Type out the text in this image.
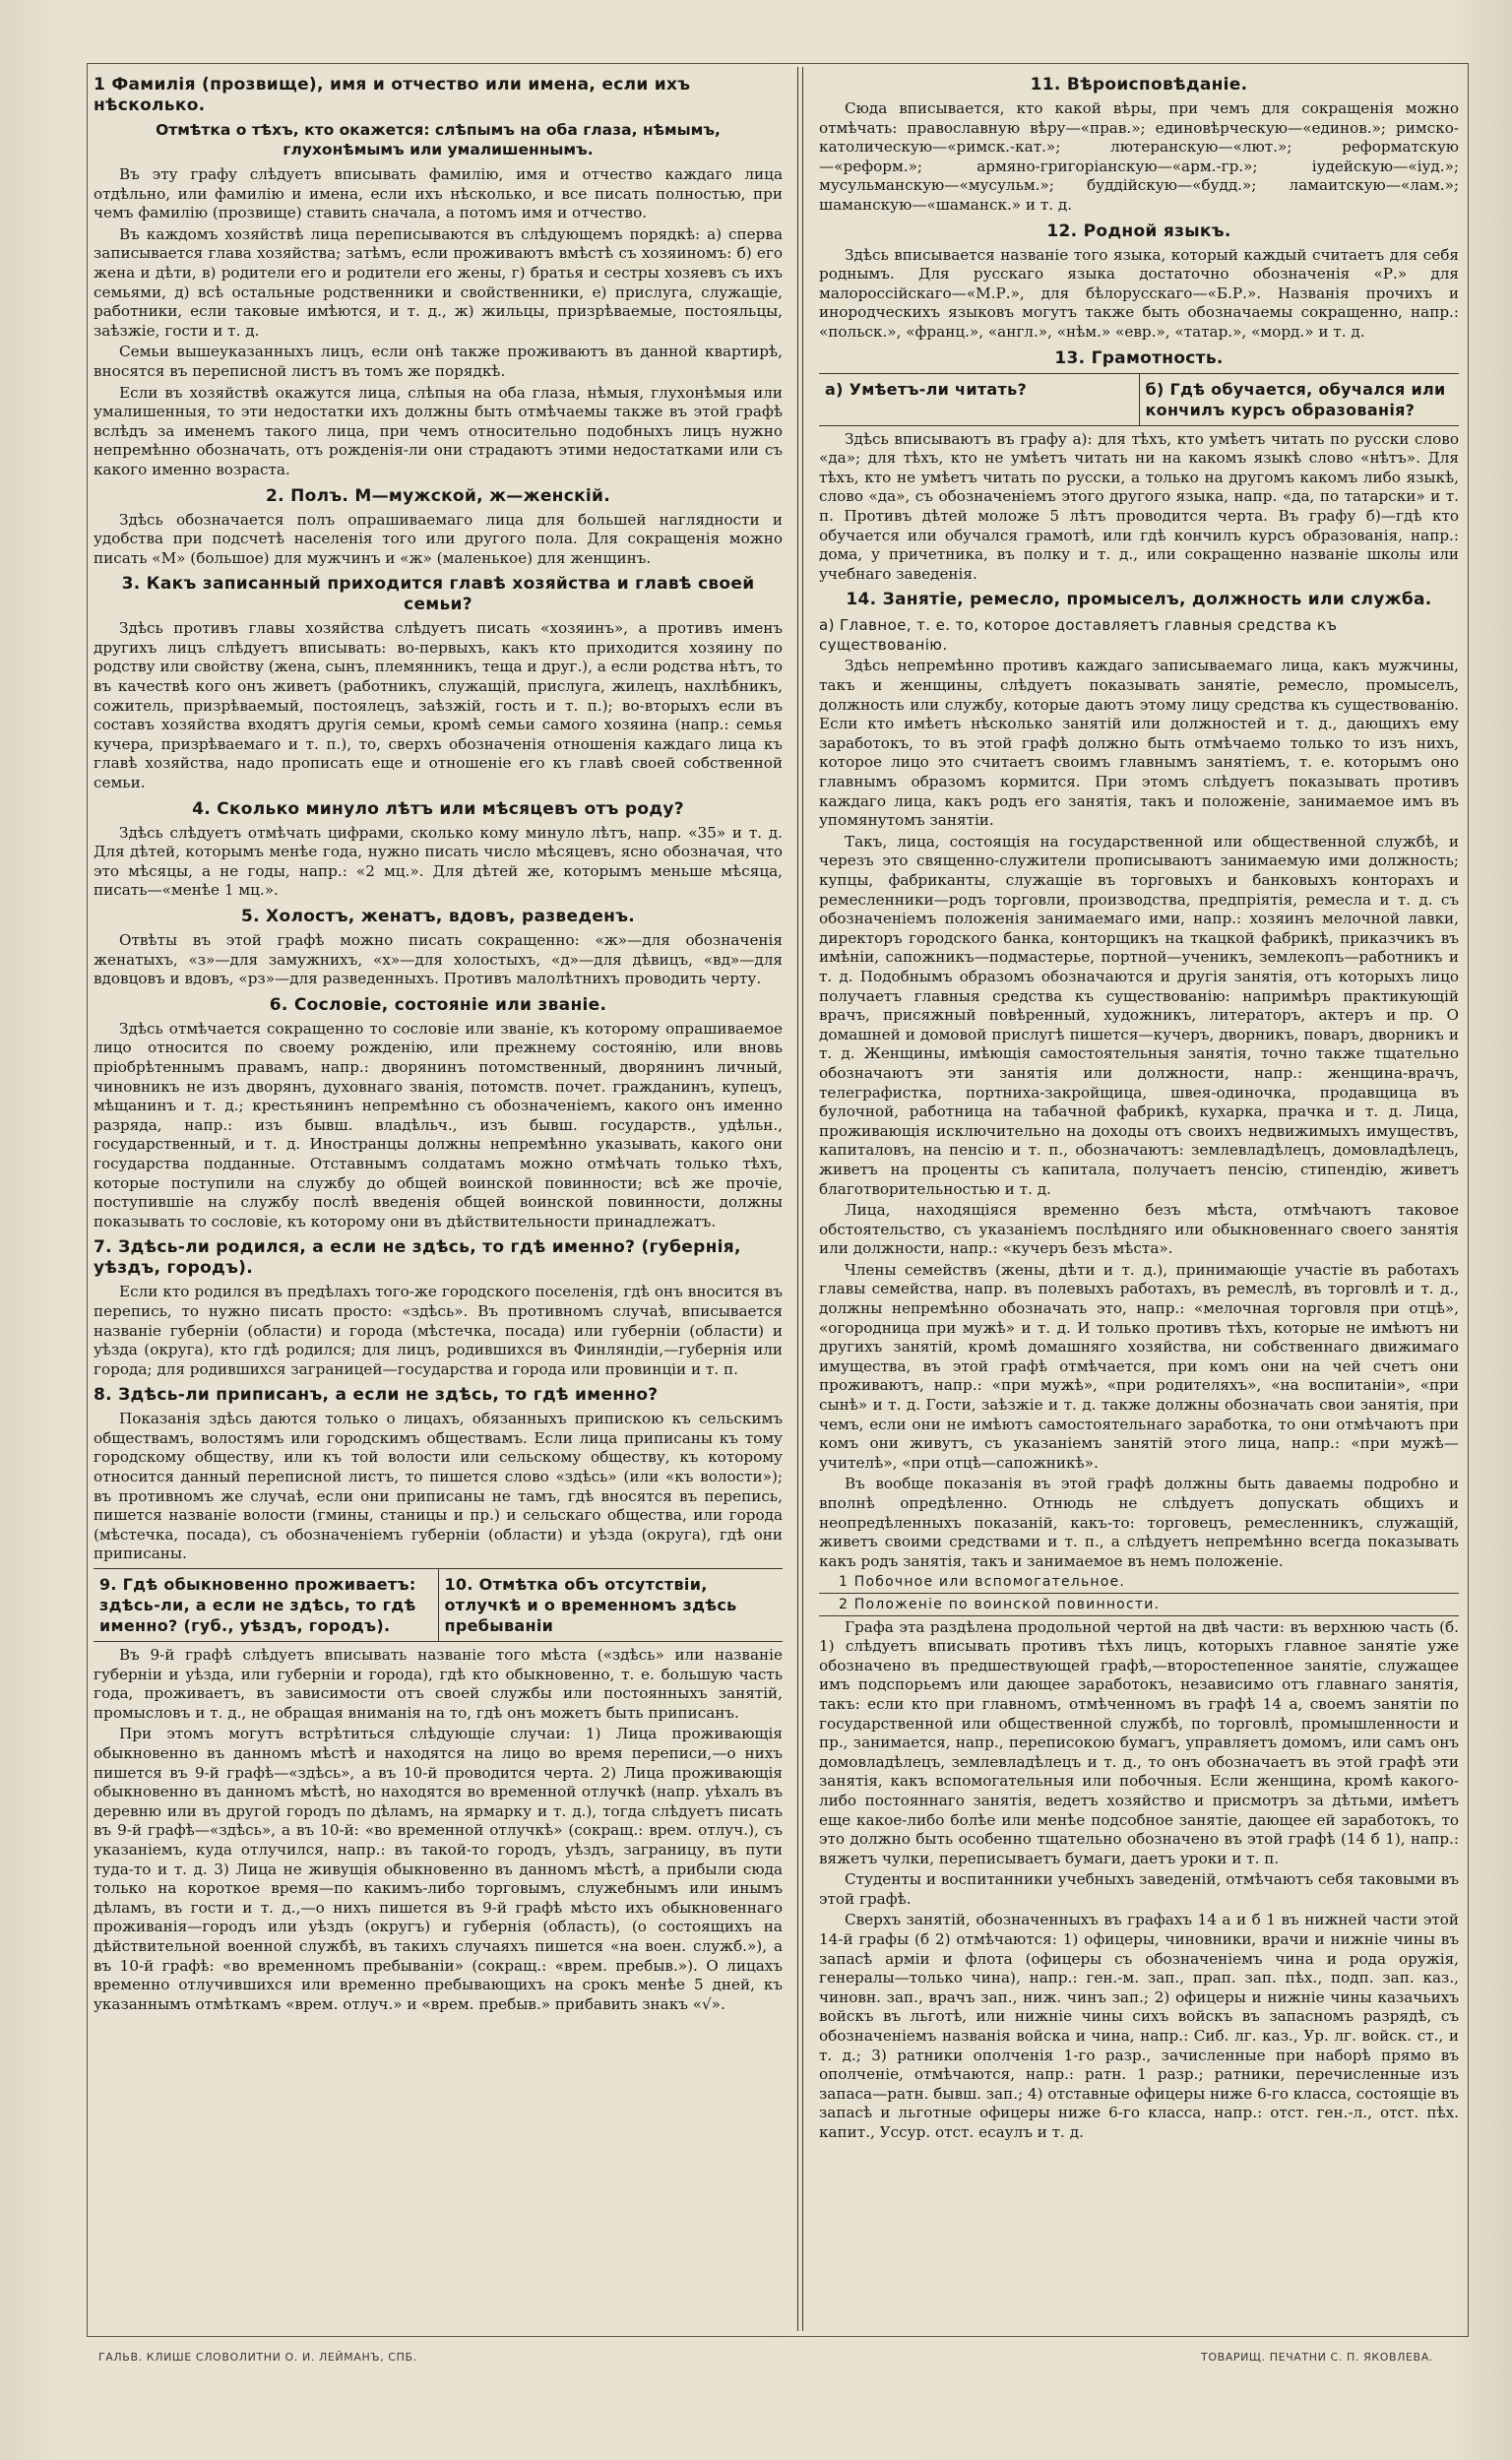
1 Фамилія (прозвище), имя и отчество или имена, если ихъ нѣсколько.
Отмѣтка о тѣхъ, кто окажется: слѣпымъ на оба глаза, нѣмымъ, глухонѣмымъ или умалишеннымъ.

Въ эту графу слѣдуетъ вписывать фамилію, имя и отчество каждаго лица отдѣльно, или фамилію и имена, если ихъ нѣсколько, и все писать полностью, при чемъ фамилію (прозвище) ставить сначала, а потомъ имя и отчество.

Въ каждомъ хозяйствѣ лица переписываются въ слѣдующемъ порядкѣ: а) сперва записывается глава хозяйства; затѣмъ, если проживаютъ вмѣстѣ съ хозяиномъ: б) его жена и дѣти, в) родители его и родители его жены, г) братья и сестры хозяевъ съ ихъ семьями, д) всѣ остальные родственники и свойственники, е) прислуга, служащіе, работники, если таковые имѣются, и т. д., ж) жильцы, призрѣваемые, постояльцы, заѣзжіе, гости и т. д.

Семьи вышеуказанныхъ лицъ, если онѣ также проживаютъ въ данной квартирѣ, вносятся въ переписной листъ въ томъ же порядкѣ.

Если въ хозяйствѣ окажутся лица, слѣпыя на оба глаза, нѣмыя, глухонѣмыя или умалишенныя, то эти недостатки ихъ должны быть отмѣчаемы также въ этой графѣ вслѣдъ за именемъ такого лица, при чемъ относительно подобныхъ лицъ нужно непремѣнно обозначать, отъ рожденія-ли они страдаютъ этими недостатками или съ какого именно возраста.

2. Полъ. М—мужской, ж—женскій.

Здѣсь обозначается полъ опрашиваемаго лица для большей наглядности и удобства при подсчетѣ населенія того или другого пола. Для сокращенія можно писать «М» (большое) для мужчинъ и «ж» (маленькое) для женщинъ.

3. Какъ записанный приходится главѣ хозяйства и главѣ своей семьи?

Здѣсь противъ главы хозяйства слѣдуетъ писать «хозяинъ», а противъ именъ другихъ лицъ слѣдуетъ вписывать: во-первыхъ, какъ кто приходится хозяину по родству или свойству (жена, сынъ, племянникъ, теща и друг.), а если родства нѣтъ, то въ качествѣ кого онъ живетъ (работникъ, служащій, прислуга, жилецъ, нахлѣбникъ, сожитель, призрѣваемый, постоялецъ, заѣзжій, гость и т. п.); во-вторыхъ если въ составъ хозяйства входятъ другія семьи, кромѣ семьи самого хозяина (напр.: семья кучера, призрѣваемаго и т. п.), то, сверхъ обозначенія отношенія каждаго лица къ главѣ хозяйства, надо прописать еще и отношеніе его къ главѣ своей собственной семьи.

4. Сколько минуло лѣтъ или мѣсяцевъ отъ роду?

Здѣсь слѣдуетъ отмѣчать цифрами, сколько кому минуло лѣтъ, напр. «35» и т. д. Для дѣтей, которымъ менѣе года, нужно писать число мѣсяцевъ, ясно обозначая, что это мѣсяцы, а не годы, напр.: «2 мц.». Для дѣтей же, которымъ меньше мѣсяца, писать—«менѣе 1 мц.».

5. Холостъ, женатъ, вдовъ, разведенъ.

Отвѣты въ этой графѣ можно писать сокращенно: «ж»—для обозначенія женатыхъ, «з»—для замужнихъ, «х»—для холостыхъ, «д»—для дѣвицъ, «вд»—для вдовцовъ и вдовъ, «рз»—для разведенныхъ. Противъ малолѣтнихъ проводить черту.

6. Сословіе, состояніе или званіе.

Здѣсь отмѣчается сокращенно то сословіе или званіе, къ которому опрашиваемое лицо относится по своему рожденію, или прежнему состоянію, или вновь пріобрѣтеннымъ правамъ, напр.: дворянинъ потомственный, дворянинъ личный, чиновникъ не изъ дворянъ, духовнаго званія, потомств. почет. гражданинъ, купецъ, мѣщанинъ и т. д.; крестьянинъ непремѣнно съ обозначеніемъ, какого онъ именно разряда, напр.: изъ бывш. владѣльч., изъ бывш. государств., удѣльн., государственный, и т. д. Иностранцы должны непремѣнно указывать, какого они государства подданные. Отставнымъ солдатамъ можно отмѣчать только тѣхъ, которые поступили на службу до общей воинской повинности; всѣ же прочіе, поступившіе на службу послѣ введенія общей воинской повинности, должны показывать то сословіе, къ которому они въ дѣйствительности принадлежатъ.

7. Здѣсь-ли родился, а если не здѣсь, то гдѣ именно? (губернія, уѣздъ, городъ).

Если кто родился въ предѣлахъ того-же городского поселенія, гдѣ онъ вносится въ перепись, то нужно писать просто: «здѣсь». Въ противномъ случаѣ, вписывается названіе губерніи (области) и города (мѣстечка, посада) или губерніи (области) и уѣзда (округа), кто гдѣ родился; для лицъ, родившихся въ Финляндіи,—губернія или города; для родившихся заграницей—государства и города или провинціи и т. п.

8. Здѣсь-ли приписанъ, а если не здѣсь, то гдѣ именно?

Показанія здѣсь даются только о лицахъ, обязанныхъ припискою къ сельскимъ обществамъ, волостямъ или городскимъ обществамъ. Если лица приписаны къ тому городскому обществу, или къ той волости или сельскому обществу, къ которому относится данный переписной листъ, то пишется слово «здѣсь» (или «къ волости»); въ противномъ же случаѣ, если они приписаны не тамъ, гдѣ вносятся въ перепись, пишется названіе волости (гмины, станицы и пр.) и сельскаго общества, или города (мѣстечка, посада), съ обозначеніемъ губерніи (области) и уѣзда (округа), гдѣ они приписаны.

9. Гдѣ обыкновенно проживаетъ: здѣсь-ли, а если не здѣсь, то гдѣ именно? (губ., уѣздъ, городъ).
10. Отмѣтка объ отсутствіи, отлучкѣ и о временномъ здѣсь пребываніи

Въ 9-й графѣ слѣдуетъ вписывать названіе того мѣста («здѣсь» или названіе губерніи и уѣзда, или губерніи и города), гдѣ кто обыкновенно, т. е. большую часть года, проживаетъ, въ зависимости отъ своей службы или постоянныхъ занятій, промысловъ и т. д., не обращая вниманія на то, гдѣ онъ можетъ быть приписанъ.

При этомъ могутъ встрѣтиться слѣдующіе случаи: 1) Лица проживающія обыкновенно въ данномъ мѣстѣ и находятся на лицо во время переписи,—о нихъ пишется въ 9-й графѣ—«здѣсь», а въ 10-й проводится черта. 2) Лица проживающія обыкновенно въ данномъ мѣстѣ, но находятся во временной отлучкѣ (напр. уѣхалъ въ деревню или въ другой городъ по дѣламъ, на ярмарку и т. д.), тогда слѣдуетъ писать въ 9-й графѣ—«здѣсь», а въ 10-й: «во временной отлучкѣ» (сокращ.: врем. отлуч.), съ указаніемъ, куда отлучился, напр.: въ такой-то городъ, уѣздъ, заграницу, въ пути туда-то и т. д. 3) Лица не живущія обыкновенно въ данномъ мѣстѣ, а прибыли сюда только на короткое время—по какимъ-либо торговымъ, служебнымъ или инымъ дѣламъ, въ гости и т. д.,—о нихъ пишется въ 9-й графѣ мѣсто ихъ обыкновеннаго проживанія—городъ или уѣздъ (округъ) и губернія (область), (о состоящихъ на дѣйствительной военной службѣ, въ такихъ случаяхъ пишется «на воен. служб.»), а въ 10-й графѣ: «во временномъ пребываніи» (сокращ.: «врем. пребыв.»). О лицахъ временно отлучившихся или временно пребывающихъ на срокъ менѣе 5 дней, къ указаннымъ отмѣткамъ «врем. отлуч.» и «врем. пребыв.» прибавить знакъ «√».

11. Вѣроисповѣданіе.

Сюда вписывается, кто какой вѣры, при чемъ для сокращенія можно отмѣчать: православную вѣру—«прав.»; единовѣрческую—«единов.»; римско-католическую—«римск.-кат.»; лютеранскую—«лют.»; реформатскую—«реформ.»; армяно-григоріанскую—«арм.-гр.»; іудейскую—«іуд.»; мусульманскую—«мусульм.»; буддійскую—«будд.»; ламаитскую—«лам.»; шаманскую—«шаманск.» и т. д.

12. Родной языкъ.

Здѣсь вписывается названіе того языка, который каждый считаетъ для себя роднымъ. Для русскаго языка достаточно обозначенія «Р.» для малороссійскаго—«М.Р.», для бѣлорусскаго—«Б.Р.». Названія прочихъ и инородческихъ языковъ могутъ также быть обозначаемы сокращенно, напр.: «польск.», «франц.», «англ.», «нѣм.» «евр.», «татар.», «морд.» и т. д.

13. Грамотность.
а) Умѣетъ-ли читать?	б) Гдѣ обучается, обучался или кончилъ курсъ образованія?

Здѣсь вписываютъ въ графу а): для тѣхъ, кто умѣетъ читать по русски слово «да»; для тѣхъ, кто не умѣетъ читать ни на какомъ языкѣ слово «нѣтъ». Для тѣхъ, кто не умѣетъ читать по русски, а только на другомъ какомъ либо языкѣ, слово «да», съ обозначеніемъ этого другого языка, напр. «да, по татарски» и т. п. Противъ дѣтей моложе 5 лѣтъ проводится черта. Въ графу б)—гдѣ кто обучается или обучался грамотѣ, или гдѣ кончилъ курсъ образованія, напр.: дома, у причетника, въ полку и т. д., или сокращенно названіе школы или учебнаго заведенія.

14. Занятіе, ремесло, промыселъ, должность или служба.
а) Главное, т. е. то, которое доставляетъ главныя средства къ существованію.

Здѣсь непремѣнно противъ каждаго записываемаго лица, какъ мужчины, такъ и женщины, слѣдуетъ показывать занятіе, ремесло, промыселъ, должность или службу, которые даютъ этому лицу средства къ существованію. Если кто имѣетъ нѣсколько занятій или должностей и т. д., дающихъ ему заработокъ, то въ этой графѣ должно быть отмѣчаемо только то изъ нихъ, которое лицо это считаетъ своимъ главнымъ занятіемъ, т. е. которымъ оно главнымъ образомъ кормится. При этомъ слѣдуетъ показывать противъ каждаго лица, какъ родъ его занятія, такъ и положеніе, занимаемое имъ въ упомянутомъ занятіи.

Такъ, лица, состоящія на государственной или общественной службѣ, и черезъ это священно-служители прописываютъ занимаемую ими должность; купцы, фабриканты, служащіе въ торговыхъ и банковыхъ конторахъ и ремесленники—родъ торговли, производства, предпріятія, ремесла и т. д. съ обозначеніемъ положенія занимаемаго ими, напр.: хозяинъ мелочной лавки, директоръ городского банка, конторщикъ на ткацкой фабрикѣ, приказчикъ въ имѣніи, сапожникъ—подмастерье, портной—ученикъ, землекопъ—работникъ и т. д. Подобнымъ образомъ обозначаются и другія занятія, отъ которыхъ лицо получаетъ главныя средства къ существованію: напримѣръ практикующій врачъ, присяжный повѣренный, художникъ, литераторъ, актеръ и пр. О домашней и домовой прислугѣ пишется—кучеръ, дворникъ, поваръ, дворникъ и т. д. Женщины, имѣющія самостоятельныя занятія, точно также тщательно обозначаютъ эти занятія или должности, напр.: женщина-врачъ, телеграфистка, портниха-закройщица, швея-одиночка, продавщица въ булочной, работница на табачной фабрикѣ, кухарка, прачка и т. д. Лица, проживающія исключительно на доходы отъ своихъ недвижимыхъ имуществъ, капиталовъ, на пенсію и т. п., обозначаютъ: землевладѣлецъ, домовладѣлецъ, живетъ на проценты съ капитала, получаетъ пенсію, стипендію, живетъ благотворительностью и т. д.

Лица, находящіяся временно безъ мѣста, отмѣчаютъ таковое обстоятельство, съ указаніемъ послѣдняго или обыкновеннаго своего занятія или должности, напр.: «кучеръ безъ мѣста».

Члены семействъ (жены, дѣти и т. д.), принимающіе участіе въ работахъ главы семейства, напр. въ полевыхъ работахъ, въ ремеслѣ, въ торговлѣ и т. д., должны непремѣнно обозначать это, напр.: «мелочная торговля при отцѣ», «огородница при мужѣ» и т. д. И только противъ тѣхъ, которые не имѣютъ ни другихъ занятій, кромѣ домашняго хозяйства, ни собственнаго движимаго имущества, въ этой графѣ отмѣчается, при комъ они на чей счетъ они проживаютъ, напр.: «при мужѣ», «при родителяхъ», «на воспитаніи», «при сынѣ» и т. д. Гости, заѣзжіе и т. д. также должны обозначать свои занятія, при чемъ, если они не имѣютъ самостоятельнаго заработка, то они отмѣчаютъ при комъ они живутъ, съ указаніемъ занятій этого лица, напр.: «при мужѣ—учителѣ», «при отцѣ—сапожникѣ».

Въ вообще показанія въ этой графѣ должны быть даваемы подробно и вполнѣ опредѣленно. Отнюдь не слѣдуетъ допускать общихъ и неопредѣленныхъ показаній, какъ-то: торговецъ, ремесленникъ, служащій, живетъ своими средствами и т. п., а слѣдуетъ непремѣнно всегда показывать какъ родъ занятія, такъ и занимаемое въ немъ положеніе.

1 Побочное или вспомогательное.
2 Положеніе по воинской повинности.

Графа эта раздѣлена продольной чертой на двѣ части: въ верхнюю часть (б. 1) слѣдуетъ вписывать противъ тѣхъ лицъ, которыхъ главное занятіе уже обозначено въ предшествующей графѣ,—второстепенное занятіе, служащее имъ подспорьемъ или дающее заработокъ, независимо отъ главнаго занятія, такъ: если кто при главномъ, отмѣченномъ въ графѣ 14 а, своемъ занятіи по государственной или общественной службѣ, по торговлѣ, промышленности и пр., занимается, напр., переписокою бумагъ, управляетъ домомъ, или самъ онъ домовладѣлецъ, землевладѣлецъ и т. д., то онъ обозначаетъ въ этой графѣ эти занятія, какъ вспомогательныя или побочныя. Если женщина, кромѣ какого-либо постояннаго занятія, ведетъ хозяйство и присмотръ за дѣтьми, имѣетъ еще какое-либо болѣе или менѣе подсобное занятіе, дающее ей заработокъ, то это должно быть особенно тщательно обозначено въ этой графѣ (14 б 1), напр.: вяжетъ чулки, переписываетъ бумаги, даетъ уроки и т. п.

Студенты и воспитанники учебныхъ заведеній, отмѣчаютъ себя таковыми въ этой графѣ.

Сверхъ занятій, обозначенныхъ въ графахъ 14 а и б 1 въ нижней части этой 14-й графы (б 2) отмѣчаются: 1) офицеры, чиновники, врачи и нижніе чины въ запасѣ арміи и флота (офицеры съ обозначеніемъ чина и рода оружія, генералы—только чина), напр.: ген.-м. зап., прап. зап. пѣх., подп. зап. каз., чиновн. зап., врачъ зап., ниж. чинъ зап.; 2) офицеры и нижніе чины казачьихъ войскъ въ льготѣ, или нижніе чины сихъ войскъ въ запасномъ разрядѣ, съ обозначеніемъ названія войска и чина, напр.: Сиб. лг. каз., Ур. лг. войск. ст., и т. д.; 3) ратники ополченія 1-го разр., зачисленные при наборѣ прямо въ ополченіе, отмѣчаются, напр.: ратн. 1 разр.; ратники, перечисленные изъ запаса—ратн. бывш. зап.; 4) отставные офицеры ниже 6-го класса, состоящіе въ запасѣ и льготные офицеры ниже 6-го класса, напр.: отст. ген.-л., отст. пѣх. капит., Уссур. отст. есаулъ и т. д.

ГАЛЬВ. КЛИШЕ СЛОВОЛИТНИ О. И. ЛЕЙМАНЪ, СПБ.	ТОВАРИЩ. ПЕЧАТНИ С. П. ЯКОВЛЕВА.
